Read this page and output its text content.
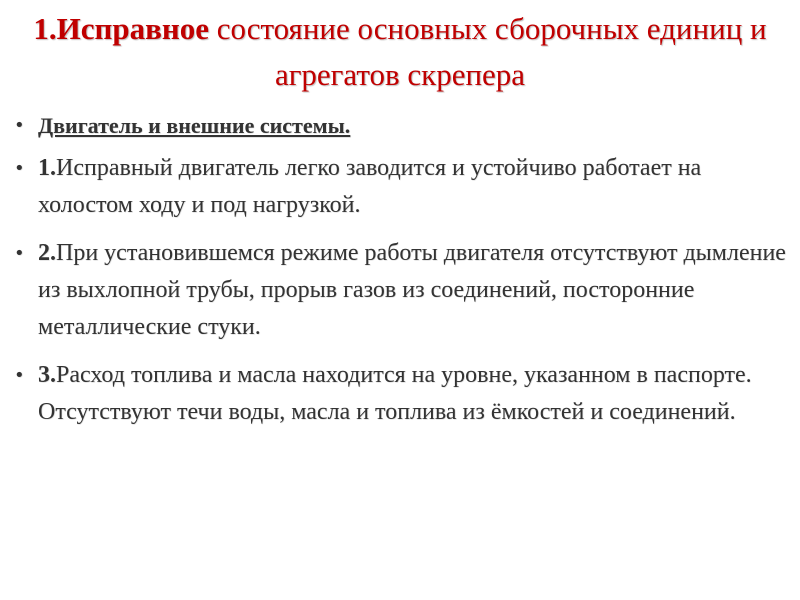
1.Исправное состояние основных сборочных единиц и агрегатов скрепера
• Двигатель и внешние системы.
• 1.Исправный двигатель легко заводится и устойчиво работает на холостом ходу и под нагрузкой.
• 2.При установившемся режиме работы двигателя отсутствуют дымление из выхлопной трубы, прорыв газов из соединений, посторонние металлические стуки.
• 3.Расход топлива и масла находится на уровне, указанном в паспорте. Отсутствуют течи воды, масла и топлива из ёмкостей и соединений.
